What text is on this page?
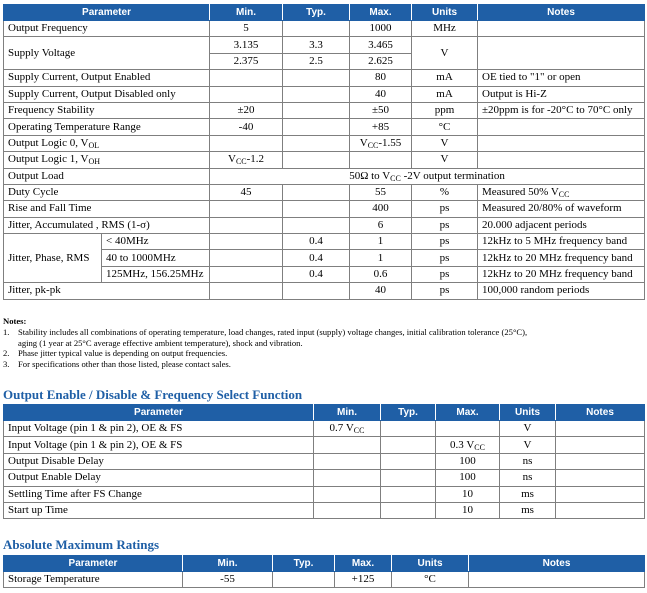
Parameter		Min.	Typ.	Max.	Units	Notes
Output Frequency		5		1000	MHz	
Supply Voltage		3.135	3.3	3.465	V	
		2.375	2.5	2.625		
Supply Current, Output Enabled				80	mA	OE tied to "1" or open
Supply Current, Output Disabled only				40	mA	Output is Hi-Z
Frequency Stability		±20		±50	ppm	±20ppm is for -20°C to 70°C only
Operating Temperature Range		-40		+85	°C	
Output Logic 0, $V_{OL}$				$V_{CC}-1.55$	V	
Output Logic 1, $V_{OH}$		$V_{CC}-1.2$			V	
Output Load		50Ω to $V_{CC}$ -2V output termination				
Duty Cycle		45		55	%	Measured 50% $V_{CC}$
Rise and Fall Time				400	ps	Measured 20/80% of waveform
Jitter, Accumulated , RMS (1-σ)				6	ps	20.000 adjacent periods
Jitter, Phase, RMS	< 40MHz		0.4	1	ps	12kHz to 5 MHz frequency band
	40 to 1000MHz		0.4	1	ps	12kHz to 20 MHz frequency band
	125MHz, 156.25MHz		0.4	0.6	ps	12kHz to 20 MHz frequency band
Jitter, pk-pk				40	ps	100,000 random periods
Notes:
1. Stability includes all combinations of operating temperature, load changes, rated input (supply) voltage changes, initial calibration tolerance (25°C),
aging (1 year at 25°C average effective ambient temperature), shock and vibration.
2. Phase jitter typical value is depending on output frequencies.
3. For specifications other than those listed, please contact sales.
Output Enable / Disable & Frequency Select Function
Parameter	Min.	Typ.	Max.	Units	Notes
Input Voltage (pin 1 & pin 2), OE & FS	0.7 $V_{CC}$			V	
Input Voltage (pin 1 & pin 2), OE & FS			0.3 $V_{CC}$	V	
Output Disable Delay			100	ns	
Output Enable Delay			100	ns	
Settling Time after FS Change			10	ms	
Start up Time			10	ms	
Absolute Maximum Ratings
Parameter	Min.	Typ.	Max.	Units	Notes
Storage Temperature	-55		+125	°C	
